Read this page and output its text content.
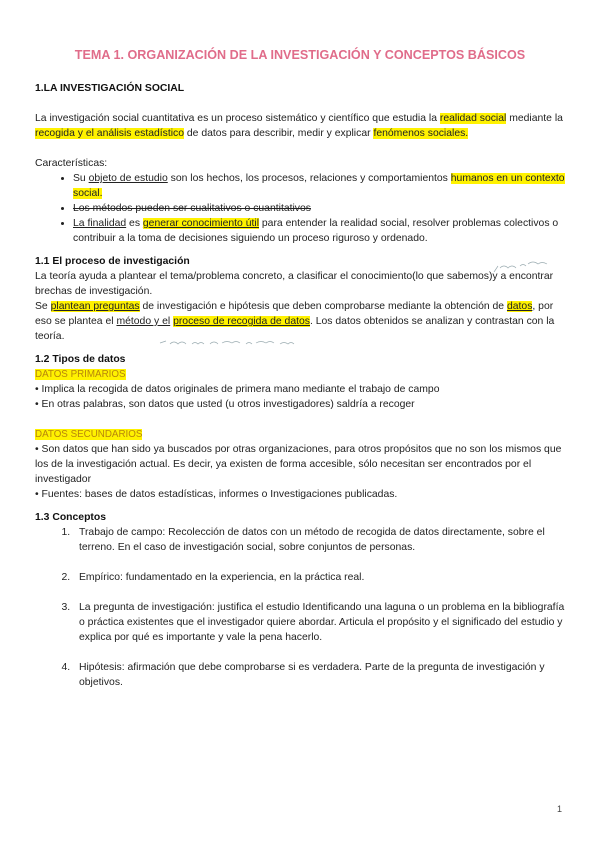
TEMA 1. ORGANIZACIÓN DE LA INVESTIGACIÓN Y CONCEPTOS BÁSICOS
1.LA INVESTIGACIÓN SOCIAL

La investigación social cuantitativa es un proceso sistemático y científico que estudia la realidad social mediante la recogida y el análisis estadístico de datos para describir, medir y explicar fenómenos sociales.

Características:

• Su objeto de estudio son los hechos, los procesos, relaciones y comportamientos humanos en un contexto social.
• Los métodos pueden ser cualitativos o cuantitativos
• La finalidad es generar conocimiento útil para entender la realidad social, resolver problemas colectivos o contribuir a la toma de decisiones siguiendo un proceso riguroso y ordenado.
1.1 El proceso de investigación

La teoría ayuda a plantear el tema/problema concreto, a clasificar el conocimiento(lo que sabemos)y a encontrar brechas de investigación.

Se plantean preguntas de investigación e hipótesis que deben comprobarse mediante la obtención de datos, por eso se plantea el método y el proceso de recogida de datos. Los datos obtenidos se analizan y contrastan con la teoría.

1.2 Tipos de datos

DATOS PRIMARIOS

• Implica la recogida de datos originales de primera mano mediante el trabajo de campo

• En otras palabras, son datos que usted (u otros investigadores) saldría a recoger

DATOS SECUNDARIOS

• Son datos que han sido ya buscados por otras organizaciones, para otros propósitos que no son los mismos que los de la investigación actual. Es decir, ya existen de forma accesible, sólo necesitan ser encontrados por el investigador

• Fuentes: bases de datos estadísticas, informes o Investigaciones publicadas.

1.3 Conceptos
1. Trabajo de campo: Recolección de datos con un método de recogida de datos directamente, sobre el terreno. En el caso de investigación social, sobre conjuntos de personas.
2. Empírico: fundamentado en la experiencia, en la práctica real.
3. La pregunta de investigación: justifica el estudio Identificando una laguna o un problema en la bibliografía o práctica existentes que el investigador quiere abordar. Articula el propósito y el significado del estudio y explica por qué es importante y vale la pena hacerlo.
4. Hipótesis: afirmación que debe comprobarse si es verdadera. Parte de la pregunta de investigación y objetivos.
1
